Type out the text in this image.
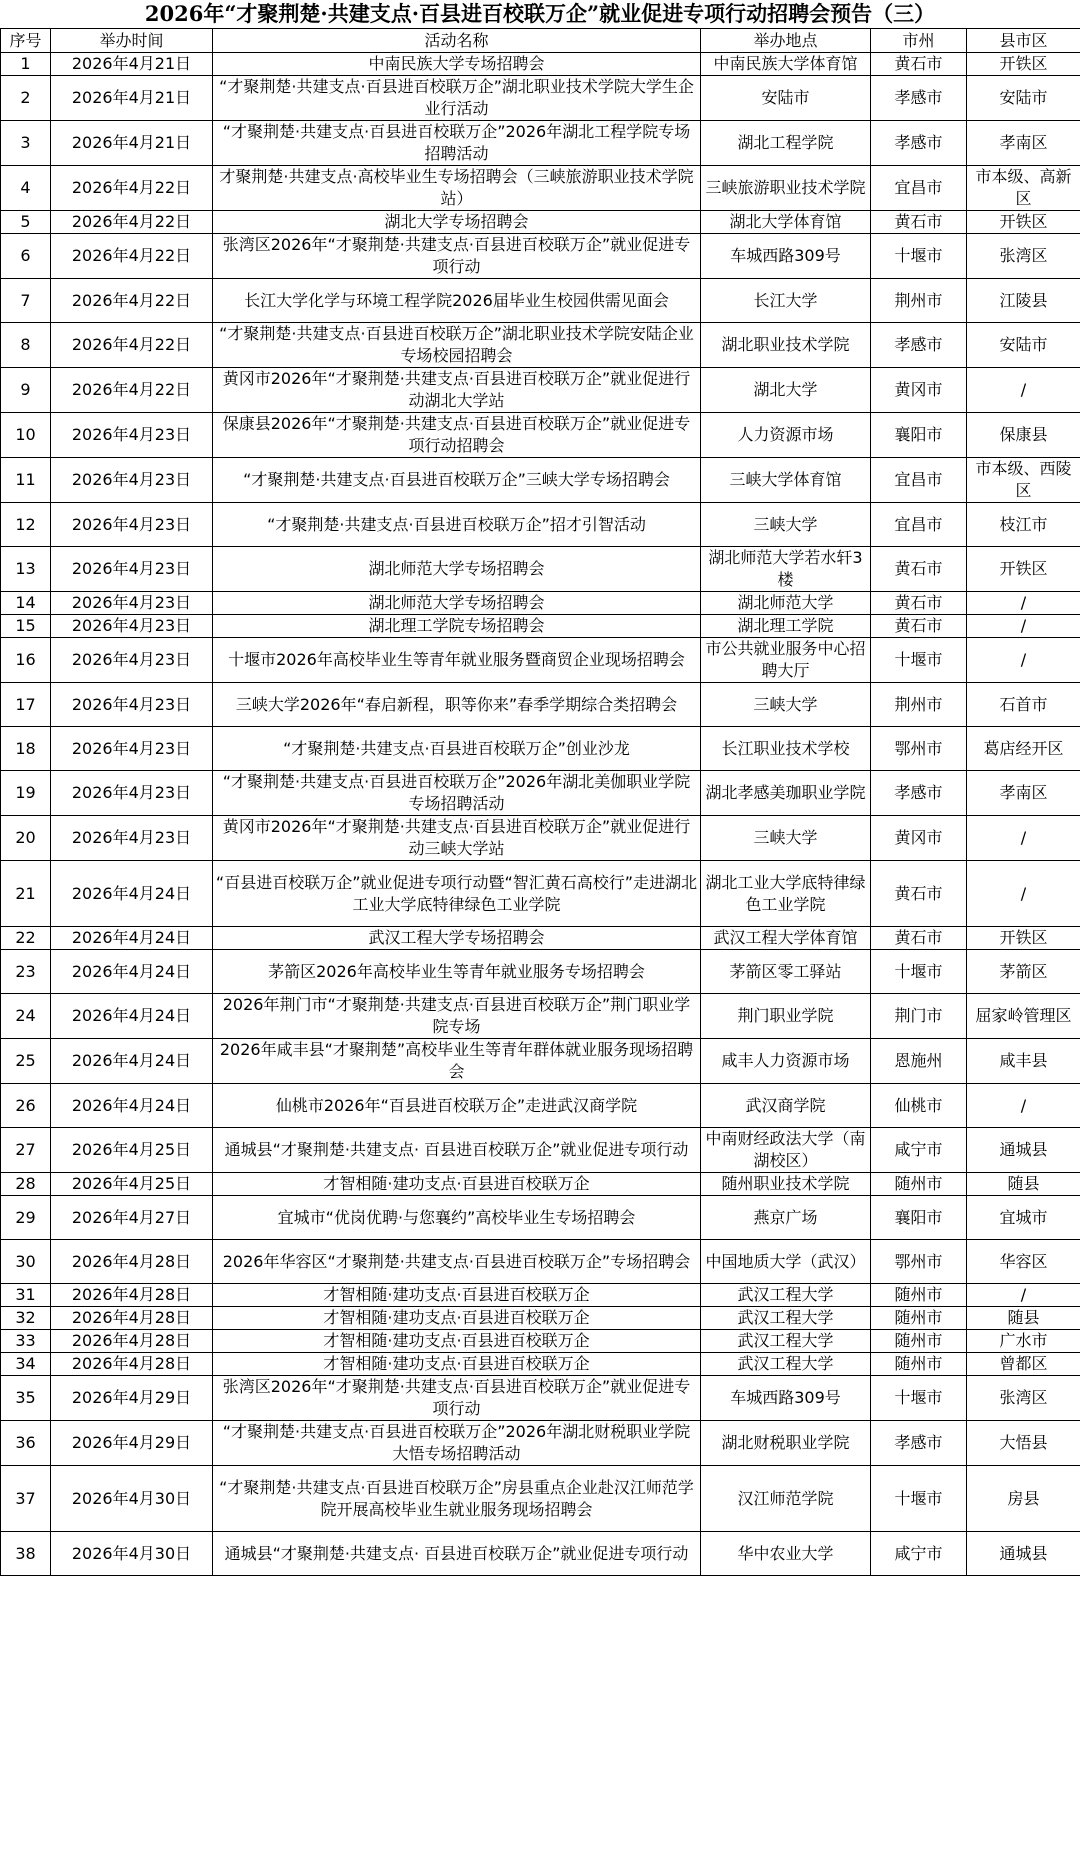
2026年“才聚荆楚·共建支点·百县进百校联万企”就业促进专项行动招聘会预告（三）
序号	举办时间	活动名称	举办地点	市州	县市区
1	2026年4月21日	中南民族大学专场招聘会	中南民族大学体育馆	黄石市	开铁区
2	2026年4月21日	“才聚荆楚·共建支点·百县进百校联万企”湖北职业技术学院大学生企业行活动	安陆市	孝感市	安陆市
3	2026年4月21日	“才聚荆楚·共建支点·百县进百校联万企”2026年湖北工程学院专场招聘活动	湖北工程学院	孝感市	孝南区
4	2026年4月22日	才聚荆楚·共建支点·高校毕业生专场招聘会（三峡旅游职业技术学院站）	三峡旅游职业技术学院	宜昌市	市本级、高新区
5	2026年4月22日	湖北大学专场招聘会	湖北大学体育馆	黄石市	开铁区
6	2026年4月22日	张湾区2026年“才聚荆楚·共建支点·百县进百校联万企”就业促进专项行动	车城西路309号	十堰市	张湾区
7	2026年4月22日	长江大学化学与环境工程学院2026届毕业生校园供需见面会	长江大学	荆州市	江陵县
8	2026年4月22日	“才聚荆楚·共建支点·百县进百校联万企”湖北职业技术学院安陆企业专场校园招聘会	湖北职业技术学院	孝感市	安陆市
9	2026年4月22日	黄冈市2026年“才聚荆楚·共建支点·百县进百校联万企”就业促进行动湖北大学站	湖北大学	黄冈市	/
10	2026年4月23日	保康县2026年“才聚荆楚·共建支点·百县进百校联万企”就业促进专项行动招聘会	人力资源市场	襄阳市	保康县
11	2026年4月23日	“才聚荆楚·共建支点·百县进百校联万企”三峡大学专场招聘会	三峡大学体育馆	宜昌市	市本级、西陵区
12	2026年4月23日	“才聚荆楚·共建支点·百县进百校联万企”招才引智活动	三峡大学	宜昌市	枝江市
13	2026年4月23日	湖北师范大学专场招聘会	湖北师范大学若水轩3楼	黄石市	开铁区
14	2026年4月23日	湖北师范大学专场招聘会	湖北师范大学	黄石市	/
15	2026年4月23日	湖北理工学院专场招聘会	湖北理工学院	黄石市	/
16	2026年4月23日	十堰市2026年高校毕业生等青年就业服务暨商贸企业现场招聘会	市公共就业服务中心招聘大厅	十堰市	/
17	2026年4月23日	三峡大学2026年“春启新程，职等你来”春季学期综合类招聘会	三峡大学	荆州市	石首市
18	2026年4月23日	“才聚荆楚·共建支点·百县进百校联万企”创业沙龙	长江职业技术学校	鄂州市	葛店经开区
19	2026年4月23日	“才聚荆楚·共建支点·百县进百校联万企”2026年湖北美伽职业学院专场招聘活动	湖北孝感美珈职业学院	孝感市	孝南区
20	2026年4月23日	黄冈市2026年“才聚荆楚·共建支点·百县进百校联万企”就业促进行动三峡大学站	三峡大学	黄冈市	/
21	2026年4月24日	“百县进百校联万企”就业促进专项行动暨“智汇黄石高校行”走进湖北工业大学底特律绿色工业学院	湖北工业大学底特律绿色工业学院	黄石市	/
22	2026年4月24日	武汉工程大学专场招聘会	武汉工程大学体育馆	黄石市	开铁区
23	2026年4月24日	茅箭区2026年高校毕业生等青年就业服务专场招聘会	茅箭区零工驿站	十堰市	茅箭区
24	2026年4月24日	2026年荆门市“才聚荆楚·共建支点·百县进百校联万企”荆门职业学院专场	荆门职业学院	荆门市	屈家岭管理区
25	2026年4月24日	2026年咸丰县“才聚荆楚”高校毕业生等青年群体就业服务现场招聘会	咸丰人力资源市场	恩施州	咸丰县
26	2026年4月24日	仙桃市2026年“百县进百校联万企”走进武汉商学院	武汉商学院	仙桃市	/
27	2026年4月25日	通城县“才聚荆楚·共建支点· 百县进百校联万企”就业促进专项行动	中南财经政法大学（南湖校区）	咸宁市	通城县
28	2026年4月25日	才智相随·建功支点·百县进百校联万企	随州职业技术学院	随州市	随县
29	2026年4月27日	宜城市“优岗优聘·与您襄约”高校毕业生专场招聘会	燕京广场	襄阳市	宜城市
30	2026年4月28日	2026年华容区“才聚荆楚·共建支点·百县进百校联万企”专场招聘会	中国地质大学（武汉）	鄂州市	华容区
31	2026年4月28日	才智相随·建功支点·百县进百校联万企	武汉工程大学	随州市	/
32	2026年4月28日	才智相随·建功支点·百县进百校联万企	武汉工程大学	随州市	随县
33	2026年4月28日	才智相随·建功支点·百县进百校联万企	武汉工程大学	随州市	广水市
34	2026年4月28日	才智相随·建功支点·百县进百校联万企	武汉工程大学	随州市	曾都区
35	2026年4月29日	张湾区2026年“才聚荆楚·共建支点·百县进百校联万企”就业促进专项行动	车城西路309号	十堰市	张湾区
36	2026年4月29日	“才聚荆楚·共建支点·百县进百校联万企”2026年湖北财税职业学院大悟专场招聘活动	湖北财税职业学院	孝感市	大悟县
37	2026年4月30日	“才聚荆楚·共建支点·百县进百校联万企”房县重点企业赴汉江师范学院开展高校毕业生就业服务现场招聘会	汉江师范学院	十堰市	房县
38	2026年4月30日	通城县“才聚荆楚·共建支点· 百县进百校联万企”就业促进专项行动	华中农业大学	咸宁市	通城县
